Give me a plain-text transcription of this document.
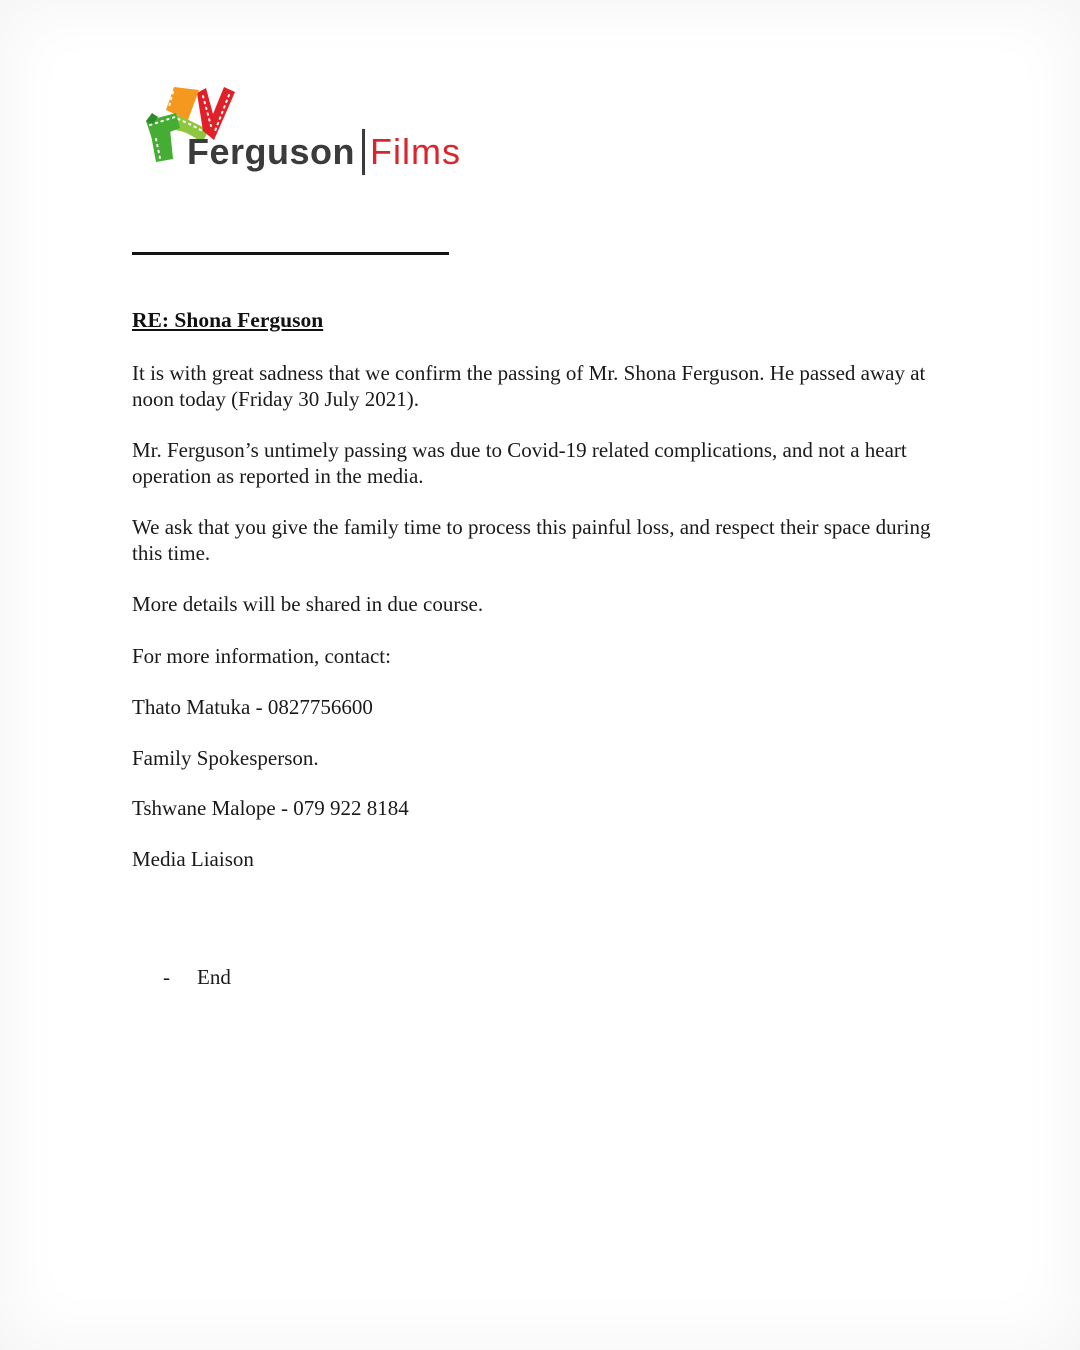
Ferguson Films
RE: Shona Ferguson

It is with great sadness that we confirm the passing of Mr. Shona Ferguson. He passed away at noon today (Friday 30 July 2021).

Mr. Ferguson’s untimely passing was due to Covid-19 related complications, and not a heart operation as reported in the media.

We ask that you give the family time to process this painful loss, and respect their space during this time.

More details will be shared in due course.

For more information, contact:

Thato Matuka - 0827756600

Family Spokesperson.

Tshwane Malope - 079 922 8184

Media Liaison

-	End
